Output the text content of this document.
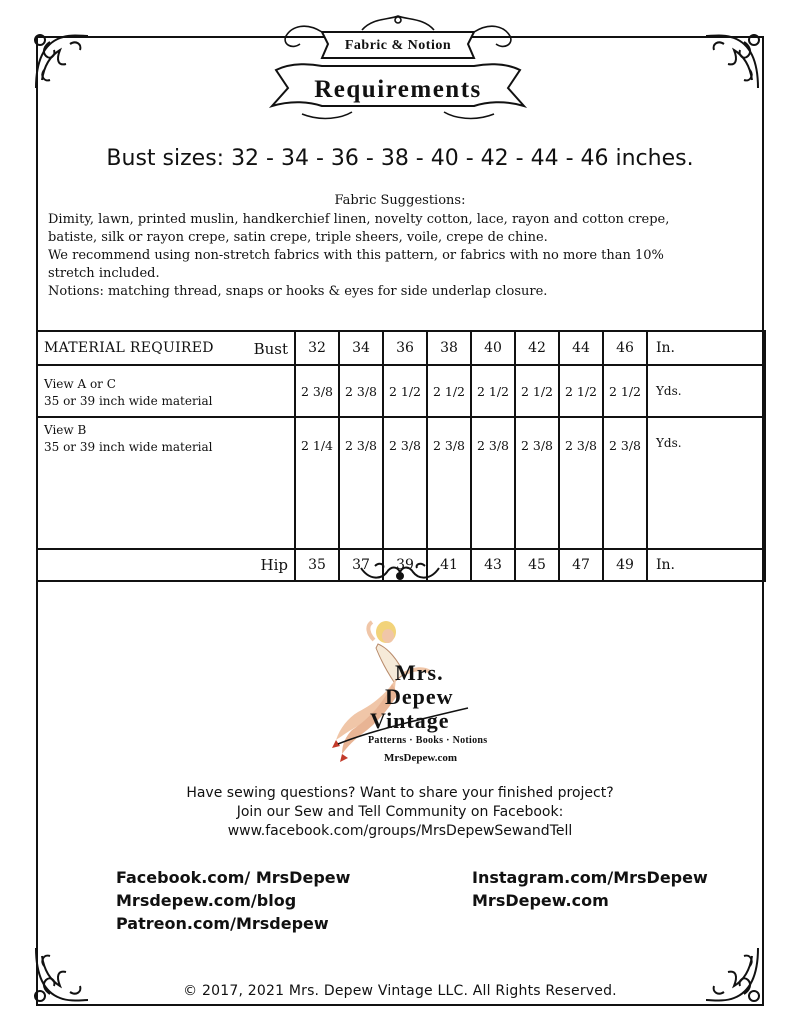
Fabric & Notion
Requirements
Bust sizes: 32 - 34 - 36 - 38 - 40 - 42 - 44 - 46 inches.
Fabric Suggestions:

Dimity, lawn, printed muslin, handkerchief linen, novelty cotton, lace, rayon and cotton crepe,

batiste, silk or rayon crepe, satin crepe, triple sheers, voile, crepe de chine.

We recommend using non-stretch fabrics with this pattern, or fabrics with no more than 10%

stretch included.

Notions: matching thread, snaps or hooks & eyes for side underlap closure.

MATERIAL REQUIRED Bust	32	34	36	38	40	42	44	46	In.

View A or C
35 or 39 inch wide material	2 3/8	2 3/8	2 1/2	2 1/2	2 1/2	2 1/2	2 1/2	2 1/2	Yds.

View B
35 or 39 inch wide material	2 1/4	2 3/8	2 3/8	2 3/8	2 3/8	2 3/8	2 3/8	2 3/8	Yds.

Hip	35	37	39	41	43	45	47	49	In.
Mrs.
Depew
Vintage
Patterns · Books · Notions
MrsDepew.com

Have sewing questions? Want to share your finished project?

Join our Sew and Tell Community on Facebook:

www.facebook.com/groups/MrsDepewSewandTell

Facebook.com/ MrsDepew

Mrsdepew.com/blog

Patreon.com/Mrsdepew

Instagram.com/MrsDepew

MrsDepew.com

© 2017, 2021 Mrs. Depew Vintage LLC. All Rights Reserved.
